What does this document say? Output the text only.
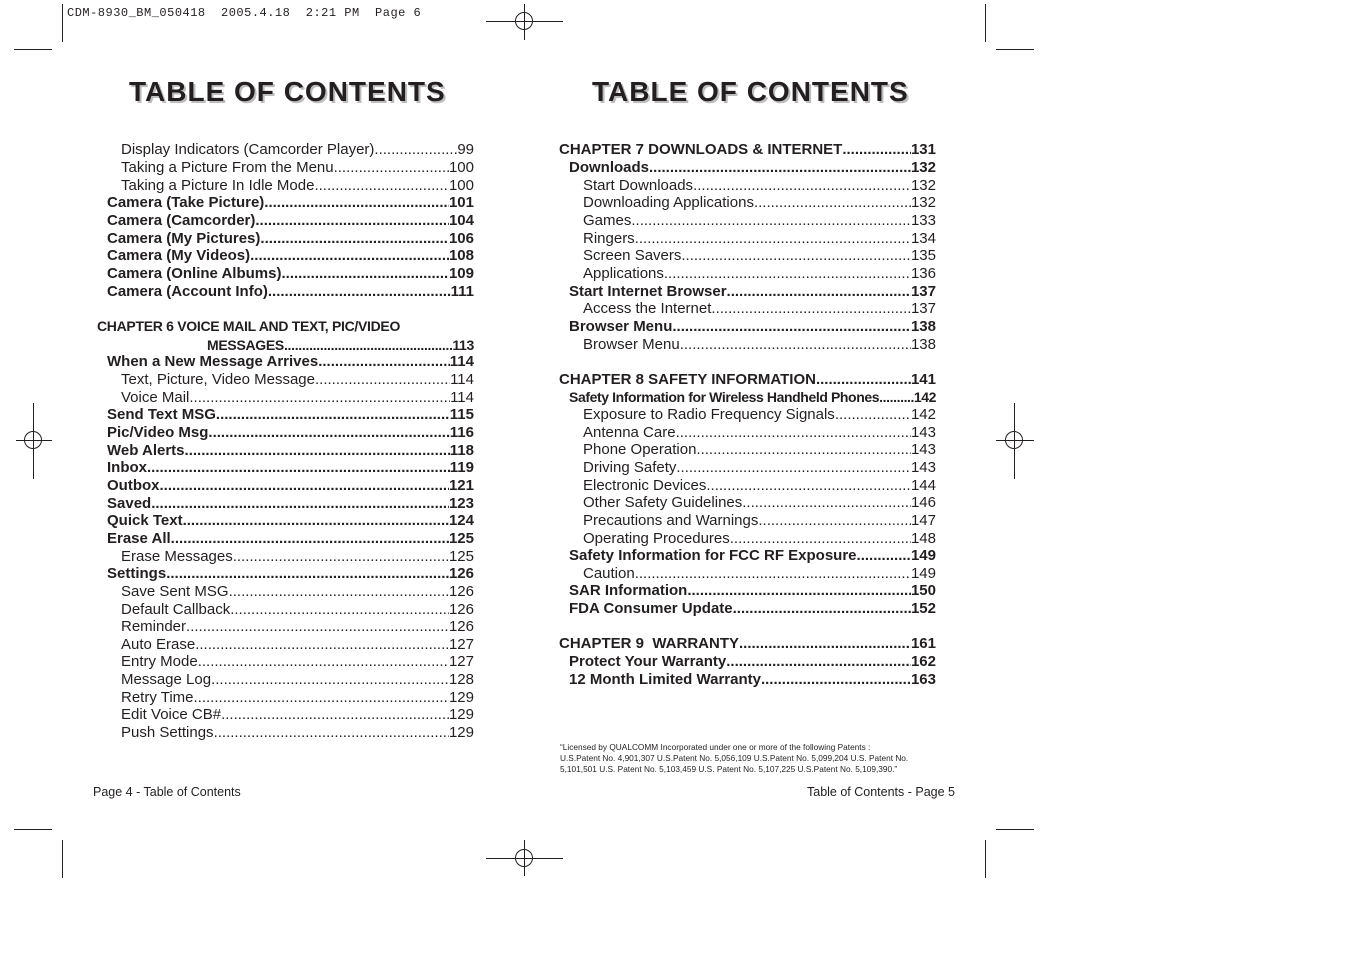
CDM-8930_BM_050418  2005.4.18  2:21 PM  Page 6
TABLE OF CONTENTS	TABLE OF CONTENTS
Display Indicators (Camcorder Player) .....	99
Taking a Picture From the Menu .....	100
Taking a Picture In Idle Mode .....	100
Camera (Take Picture) .....	101
Camera (Camcorder) .....	104
Camera (My Pictures) .....	106
Camera (My Videos) .....	108
Camera (Online Albums) .....	109
Camera (Account Info) .....	111
CHAPTER 6 VOICE MAIL AND TEXT, PIC/VIDEO
MESSAGES .....	113
When a New Message Arrives .....	114
Text, Picture, Video Message .....	114
Voice Mail .....	114
Send Text MSG .....	115
Pic/Video Msg .....	116
Web Alerts .....	118
Inbox .....	119
Outbox .....	121
Saved .....	123
Quick Text .....	124
Erase All .....	125
Erase Messages .....	125
Settings .....	126
Save Sent MSG .....	126
Default Callback .....	126
Reminder .....	126
Auto Erase .....	127
Entry Mode .....	127
Message Log .....	128
Retry Time .....	129
Edit Voice CB# .....	129
Push Settings .....	129
CHAPTER 7 DOWNLOADS & INTERNET .....	131
Downloads .....	132
Start Downloads .....	132
Downloading Applications .....	132
Games .....	133
Ringers .....	134
Screen Savers .....	135
Applications .....	136
Start Internet Browser .....	137
Access the Internet .....	137
Browser Menu .....	138
Browser Menu .....	138
CHAPTER 8 SAFETY INFORMATION .....	141
Safety Information for Wireless Handheld Phones ..... 142
Exposure to Radio Frequency Signals .....	142
Antenna Care .....	143
Phone Operation .....	143
Driving Safety .....	143
Electronic Devices .....	144
Other Safety Guidelines .....	146
Precautions and Warnings .....	147
Operating Procedures .....	148
Safety Information for FCC RF Exposure .....	149
Caution .....	149
SAR Information .....	150
FDA Consumer Update .....	152
CHAPTER 9  WARRANTY .....	161
Protect Your Warranty .....	162
12 Month Limited Warranty .....	163
“Licensed by QUALCOMM Incorporated under one or more of the following Patents :
U.S.Patent No. 4,901,307 U.S.Patent No. 5,056,109 U.S.Patent No. 5,099,204 U.S. Patent No.
5,101,501 U.S. Patent No. 5,103,459 U.S. Patent No. 5,107,225 U.S.Patent No. 5,109,390.”
Page 4 - Table of Contents	Table of Contents - Page 5
